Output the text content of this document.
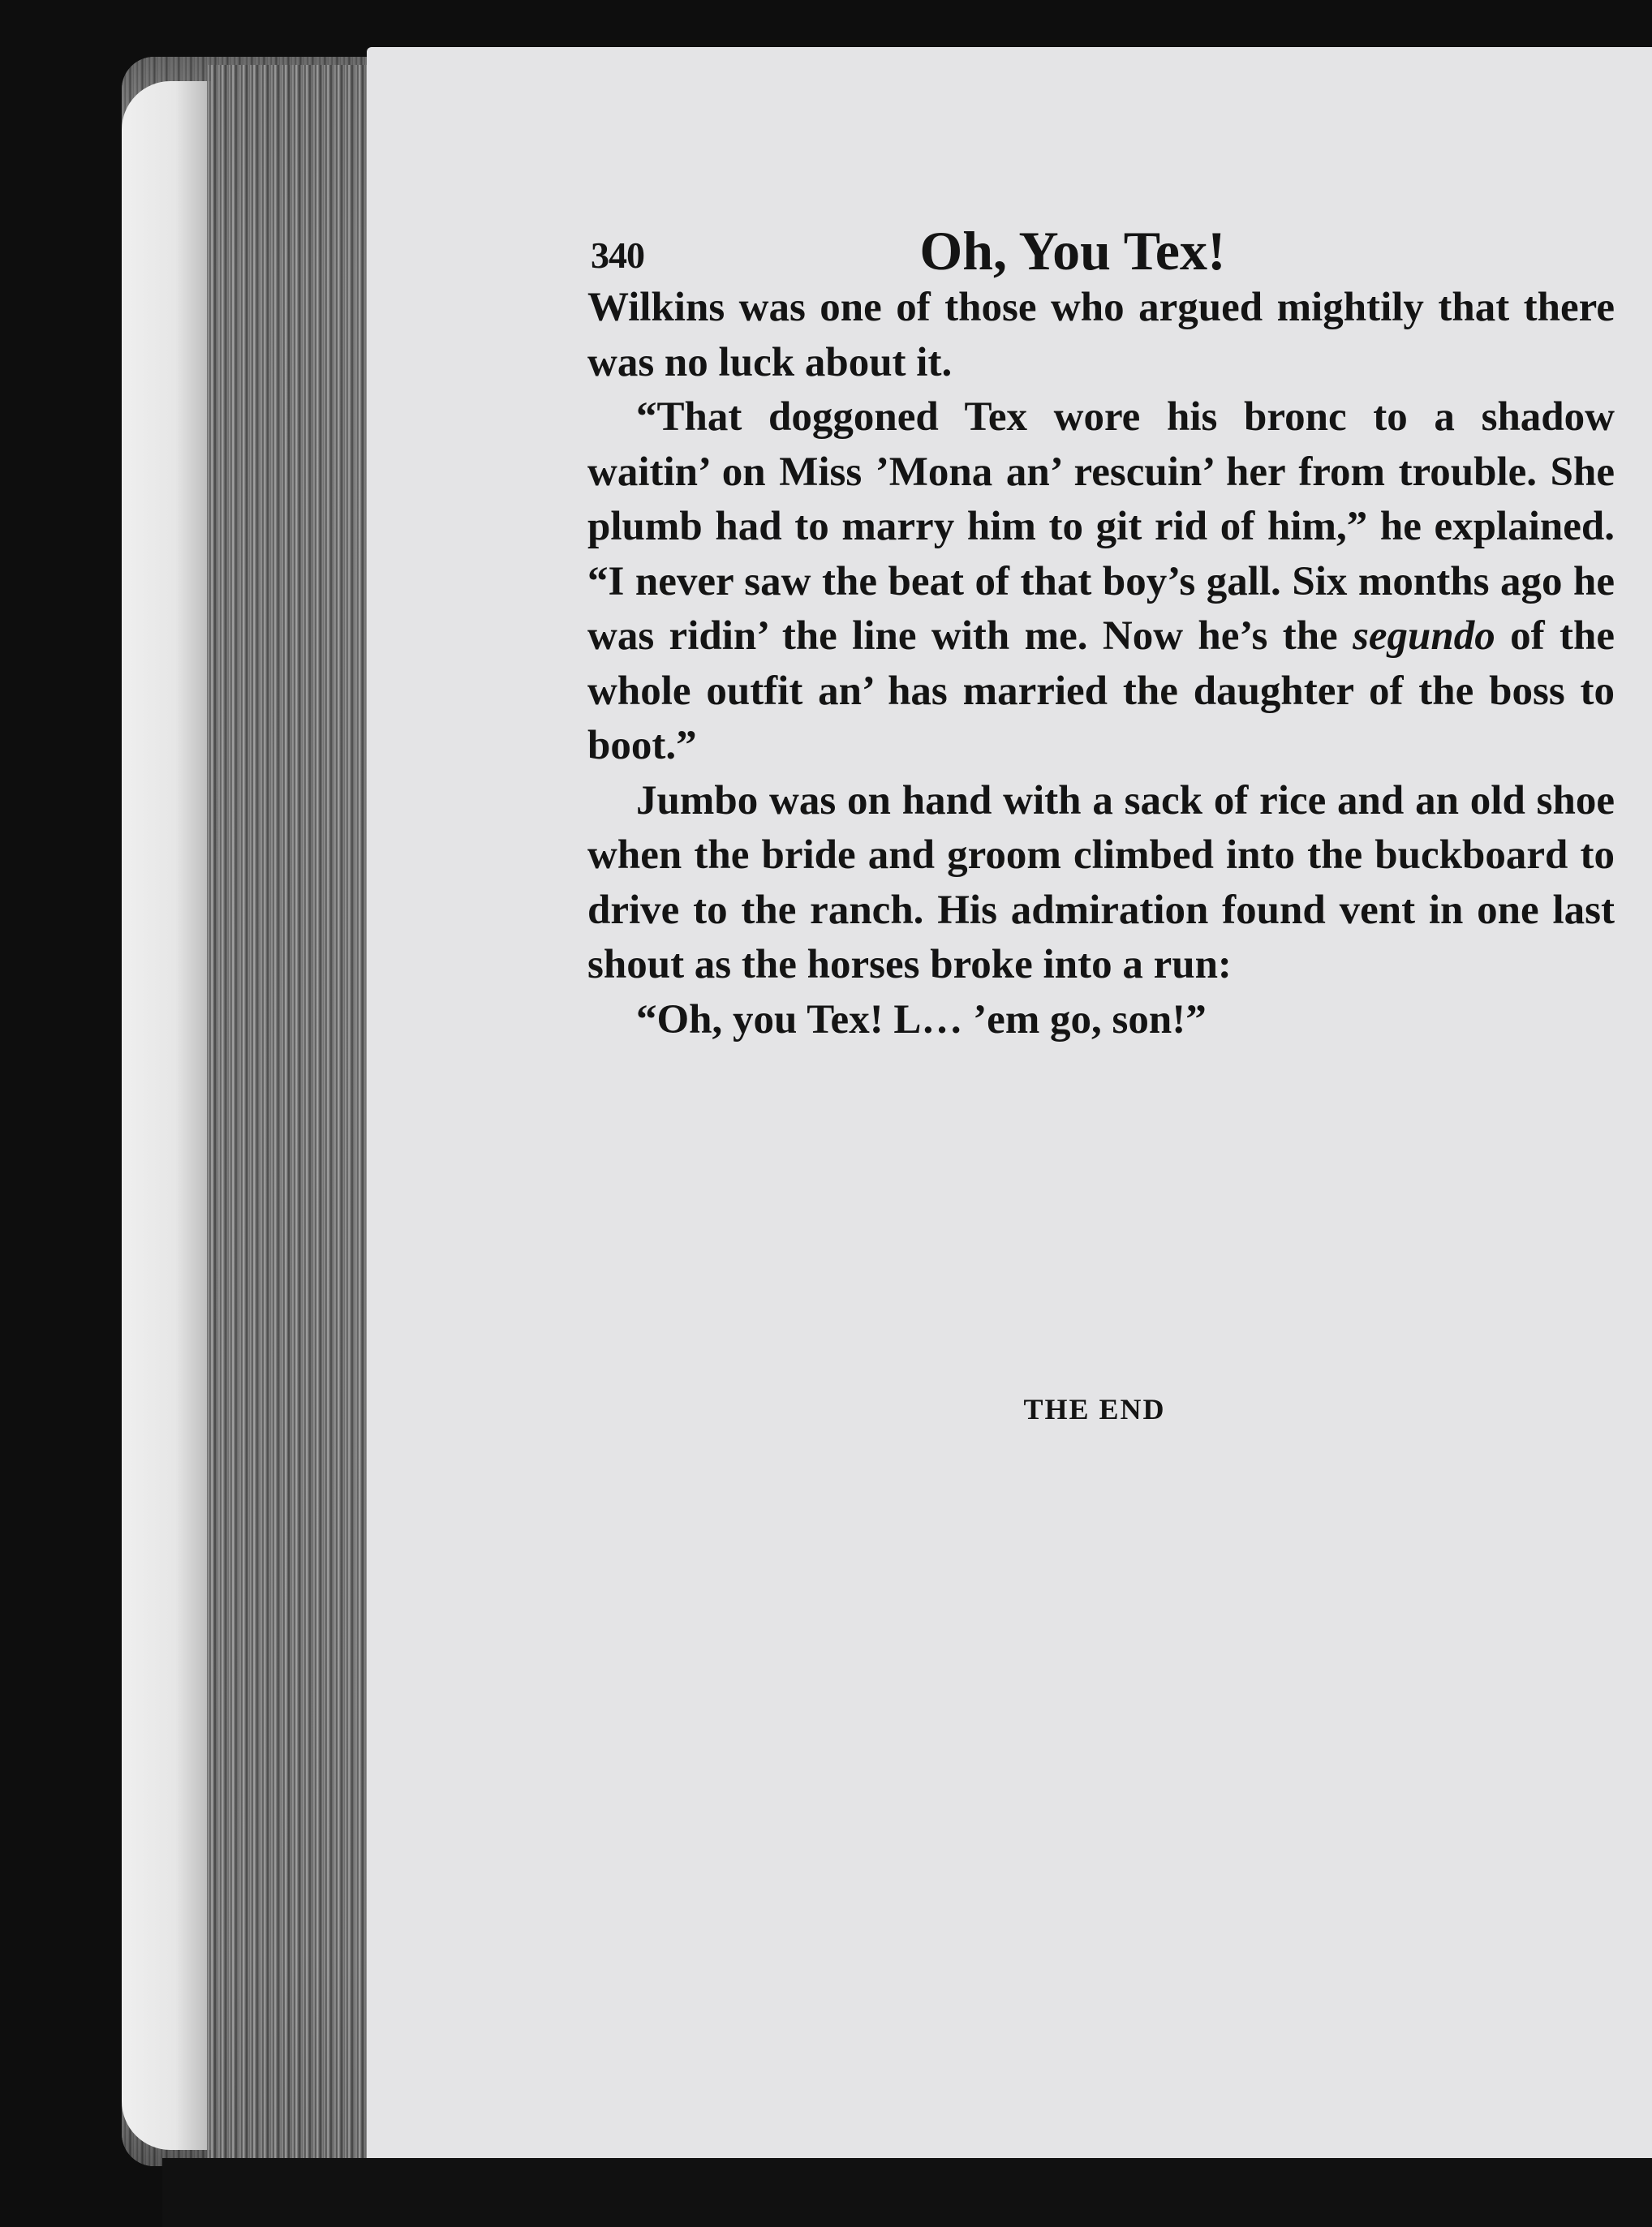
340	Oh, You Tex!

Wilkins was one of those who argued mightily that there was no luck about it.

“That doggoned Tex wore his bronc to a shadow waitin’ on Miss ’Mona an’ rescuin’ her from trouble. She plumb had to marry him to git rid of him,” he explained. “I never saw the beat of that boy’s gall. Six months ago he was ridin’ the line with me. Now he’s the segundo of the whole outfit an’ has married the daughter of the boss to boot.”

Jumbo was on hand with a sack of rice and an old shoe when the bride and groom climbed into the buckboard to drive to the ranch. His admiration found vent in one last shout as the horses broke into a run:

“Oh, you Tex! L… ’em go, son!”

THE END
